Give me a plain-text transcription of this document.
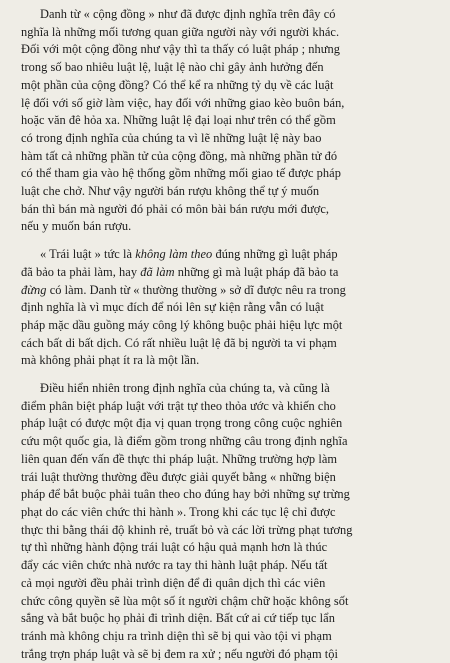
Danh từ « cộng đồng » như đã được định nghĩa trên đây có
nghĩa là những mối tương quan giữa người này với người khác.
Đối với một cộng đồng như vậy thì ta thấy có luật pháp ; nhưng
trong số bao nhiêu luật lệ, luật lệ nào chỉ gây ảnh hưởng đến
một phần của cộng đồng? Có thể kể ra những tỷ dụ về các luật
lệ đối với số giờ làm việc, hay đối với những giao kèo buôn bán,
hoặc văn đê hỏa xa. Những luật lệ đại loại như trên có thể gồm
có trong định nghĩa của chúng ta vì lẽ những luật lệ này bao
hàm tất cả những phần tử của cộng đồng, mà những phần tử đó
có thể tham gia vào hệ thống gồm những mối giao tế được pháp
luật che chở. Như vậy người bán rượu không thể tự ý muốn
bán thì bán mà người đó phải có môn bài bán rượu mới được,
nếu y muốn bán rượu.
« Trái luật » tức là không làm theo đúng những gì luật pháp
đã bảo ta phải làm, hay đã làm những gì mà luật pháp đã bảo ta
đừng có làm. Danh từ « thường thường » sở dĩ được nêu ra trong
định nghĩa là vì mục đích để nói lên sự kiện rằng vẫn có luật
pháp mặc dầu guồng máy công lý không buộc phải hiệu lực một
cách bất di bất dịch. Có rất nhiều luật lệ đã bị người ta vi phạm
mà không phải phạt ít ra là một lần.
Điều hiển nhiên trong định nghĩa của chúng ta, và cũng là
điểm phân biệt pháp luật với trật tự theo thỏa ước và khiến cho
pháp luật có được một địa vị quan trọng trong công cuộc nghiên
cứu một quốc gia, là điểm gồm trong những câu trong định nghĩa
liên quan đến vấn đề thực thi pháp luật. Những trường hợp làm
trái luật thường thường đều được giải quyết bằng « những biện
pháp để bắt buộc phải tuân theo cho đúng hay bởi những sự trừng
phạt do các viên chức thi hành ». Trong khi các tục lệ chỉ được
thực thi bằng thái độ khinh rẻ, truất bỏ và các lời trừng phạt tương
tự thì những hành động trái luật có hậu quả mạnh hơn là thúc
đẩy các viên chức nhà nước ra tay thi hành luật pháp. Nếu tất
cả mọi người đều phải trình diện để đi quân dịch thì các viên
chức công quyền sẽ lùa một số ít người chậm chữ hoặc không sốt
sắng và bắt buộc họ phải đi trình diện. Bất cứ ai cứ tiếp tục lẩn
tránh mà không chịu ra trình diện thì sẽ bị qui vào tội vi phạm
trắng trợn pháp luật và sẽ bị đem ra xử ; nếu người đó phạm tội
